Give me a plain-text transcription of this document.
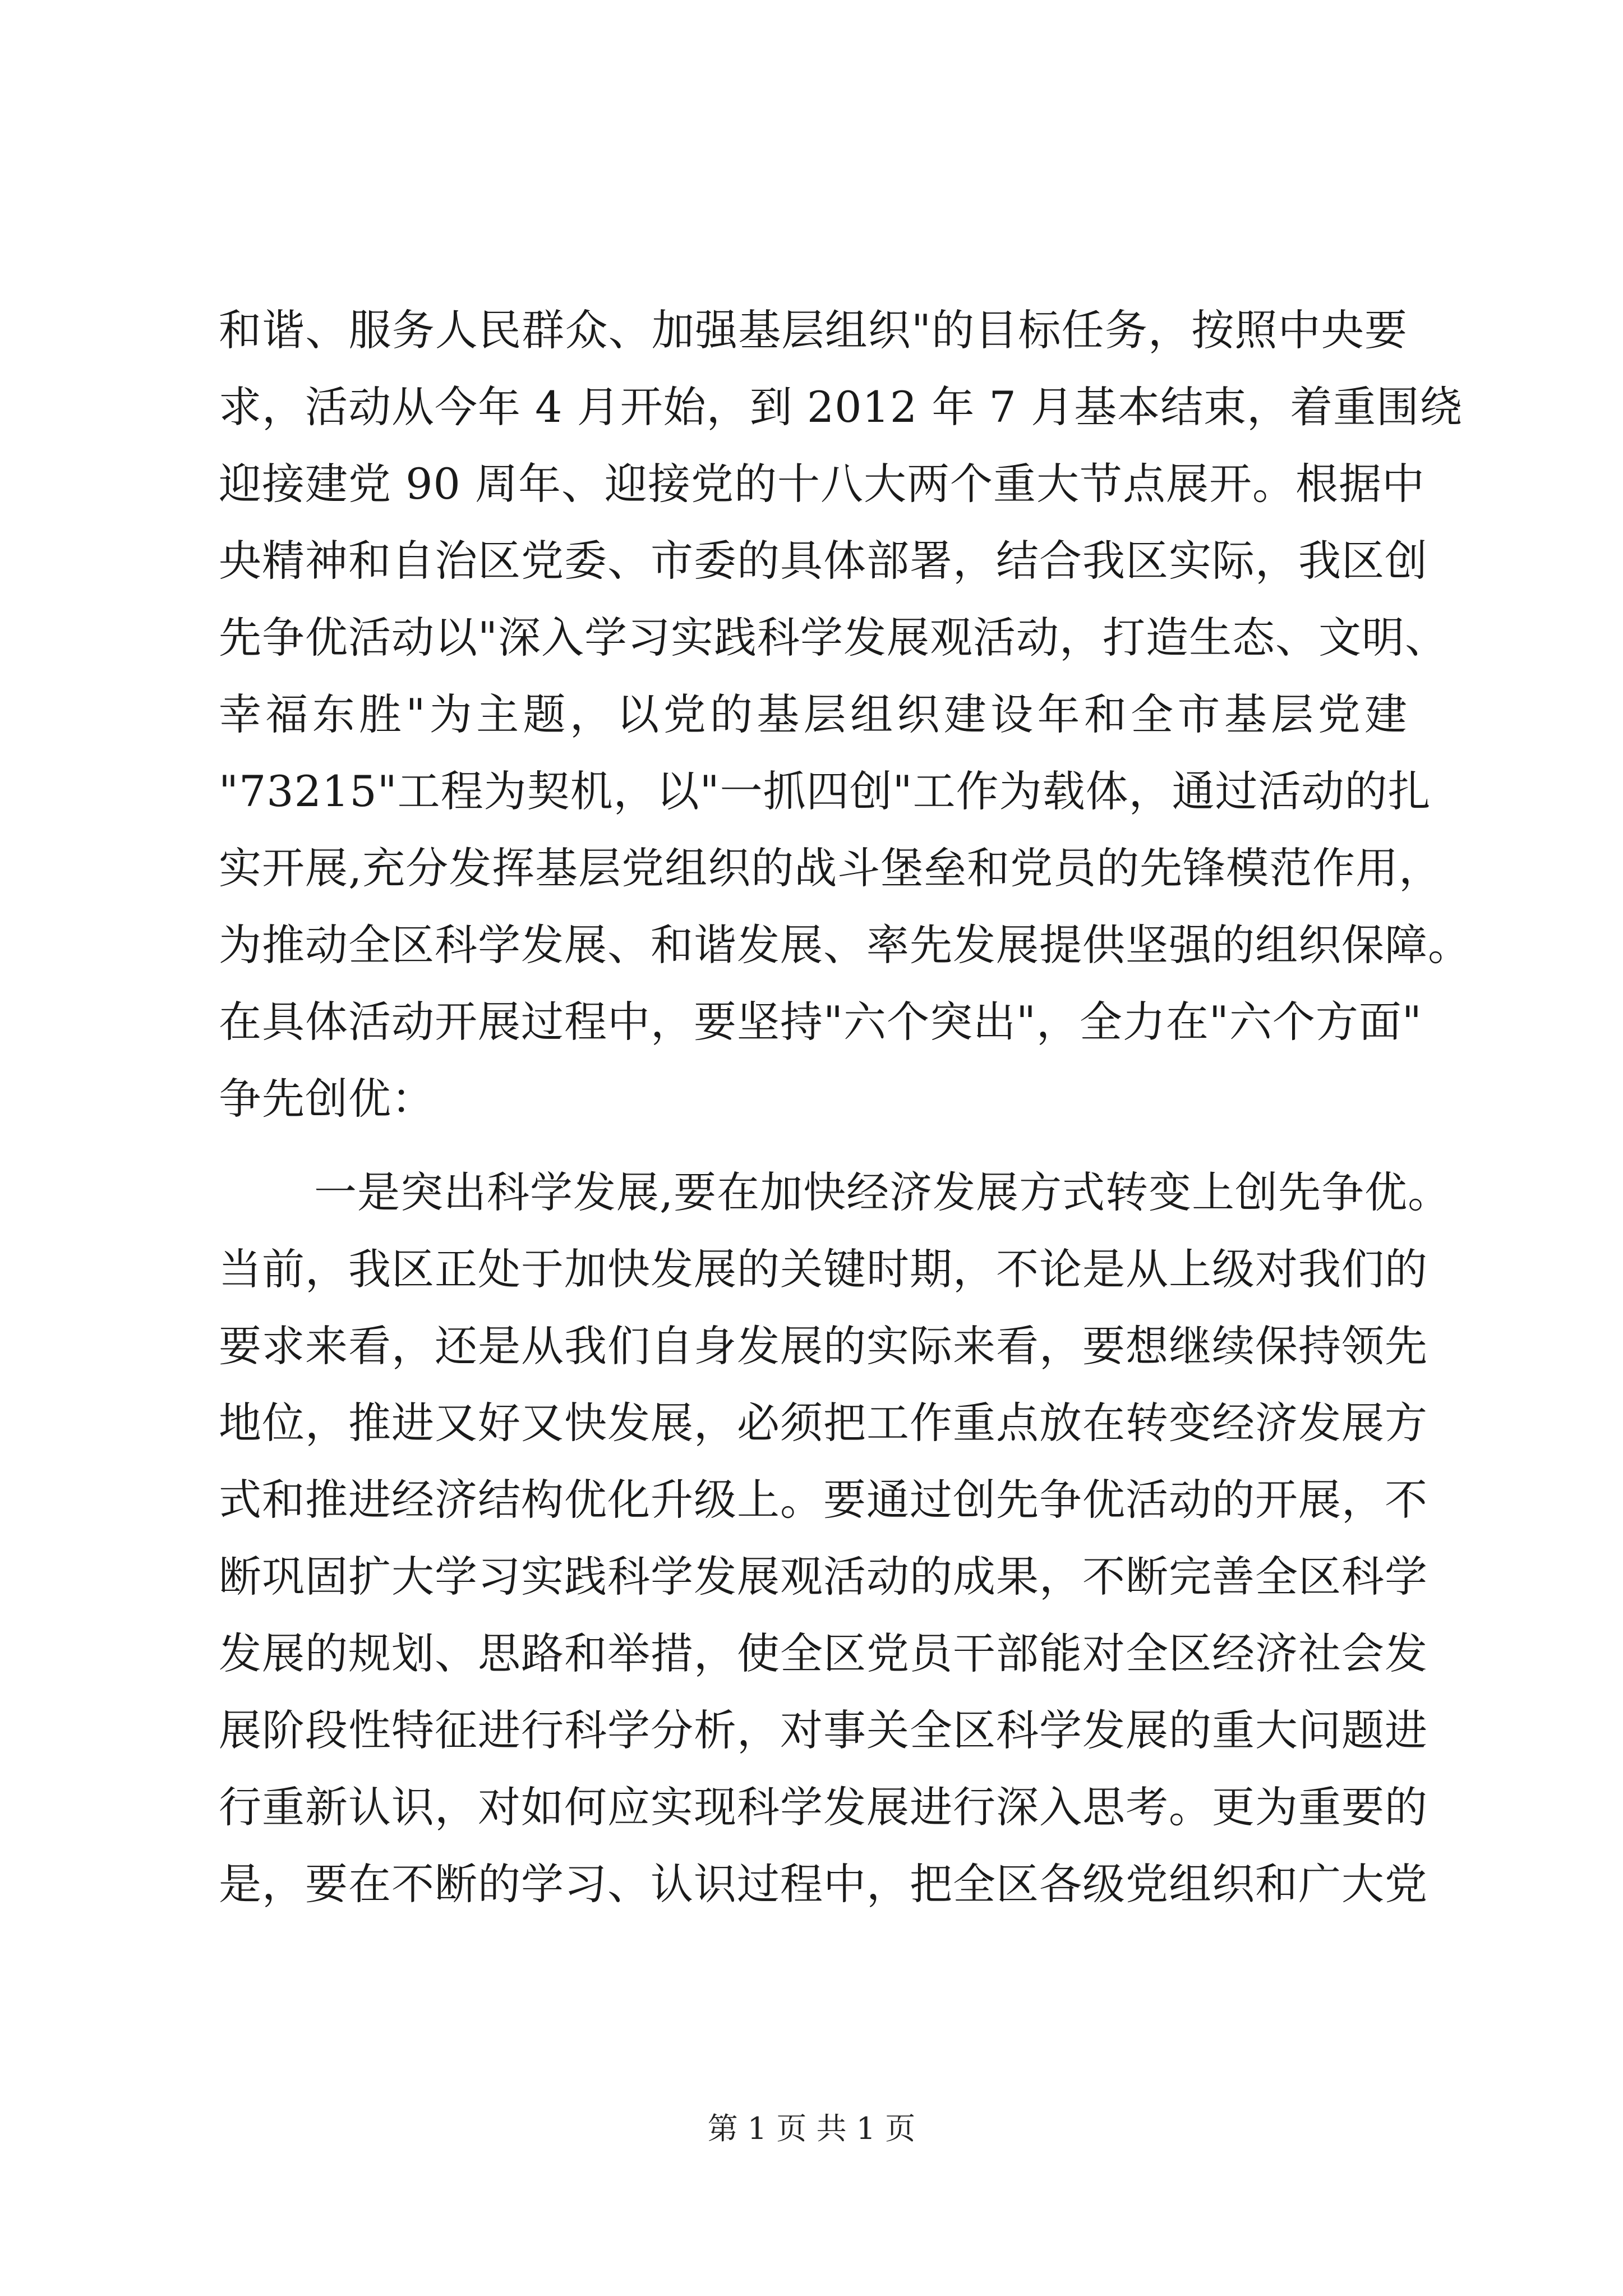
和谐、服务人民群众、加强基层组织"的目标任务，按照中央要
求，活动从今年 4 月开始，到 2012 年 7 月基本结束，着重围绕
迎接建党 90 周年、迎接党的十八大两个重大节点展开。根据中
央精神和自治区党委、市委的具体部署，结合我区实际，我区创
先争优活动以"深入学习实践科学发展观活动，打造生态、文明、
幸福东胜"为主题，以党的基层组织建设年和全市基层党建
"73215"工程为契机，以"一抓四创"工作为载体，通过活动的扎
实开展,充分发挥基层党组织的战斗堡垒和党员的先锋模范作用，
为推动全区科学发展、和谐发展、率先发展提供坚强的组织保障。
在具体活动开展过程中，要坚持"六个突出"，全力在"六个方面"
争先创优：
一是突出科学发展,要在加快经济发展方式转变上创先争优。
当前，我区正处于加快发展的关键时期，不论是从上级对我们的
要求来看，还是从我们自身发展的实际来看，要想继续保持领先
地位，推进又好又快发展，必须把工作重点放在转变经济发展方
式和推进经济结构优化升级上。要通过创先争优活动的开展，不
断巩固扩大学习实践科学发展观活动的成果，不断完善全区科学
发展的规划、思路和举措，使全区党员干部能对全区经济社会发
展阶段性特征进行科学分析，对事关全区科学发展的重大问题进
行重新认识，对如何应实现科学发展进行深入思考。更为重要的
是，要在不断的学习、认识过程中，把全区各级党组织和广大党
第 1 页 共 1 页
